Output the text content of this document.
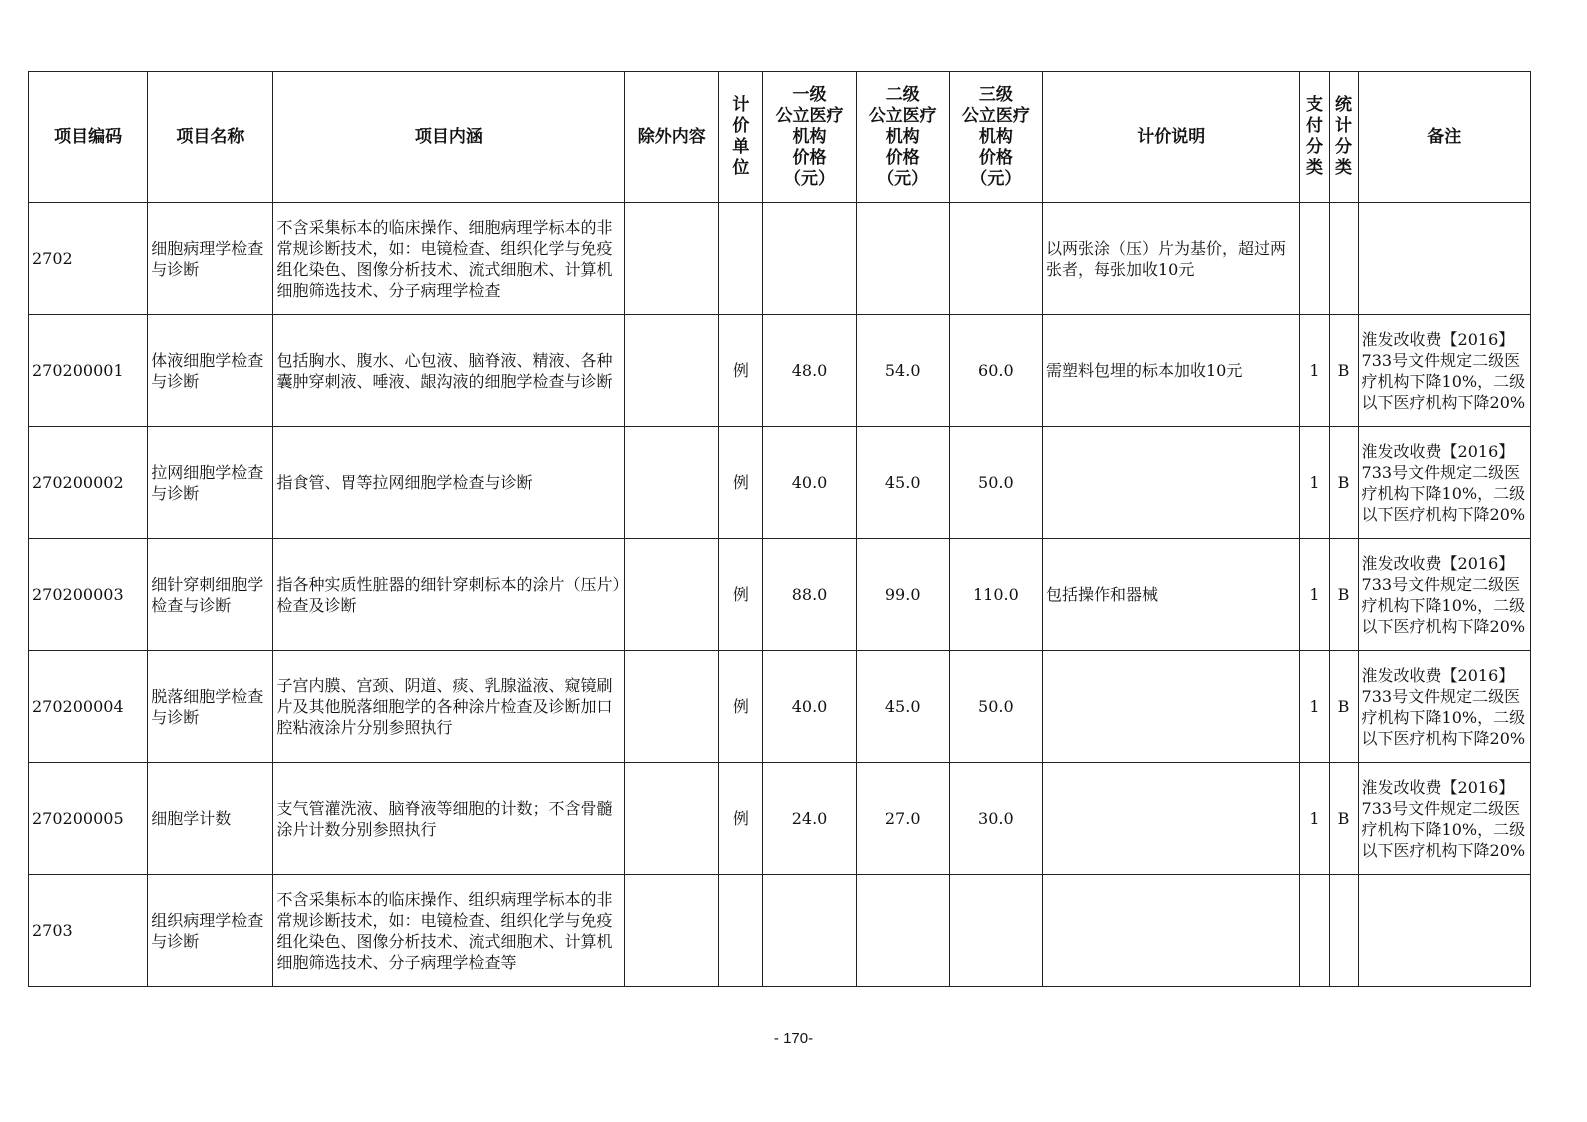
项目编码	项目名称	项目内涵	除外内容	计
价
单
位	一级
公立医疗
机构
价格
（元）	二级
公立医疗
机构
价格
（元）	三级
公立医疗
机构
价格
（元）	计价说明	支
付
分
类	统
计
分
类	备注
2702	细胞病理学检查与诊断	不含采集标本的临床操作、细胞病理学标本的非常规诊断技术，如：电镜检查、组织化学与免疫组化染色、图像分析技术、流式细胞术、计算机细胞筛选技术、分子病理学检查						以两张涂（压）片为基价，超过两张者，每张加收10元			
270200001	体液细胞学检查与诊断	包括胸水、腹水、心包液、脑脊液、精液、各种囊肿穿刺液、唾液、龈沟液的细胞学检查与诊断		例	48.0	54.0	60.0	需塑料包埋的标本加收10元	1	B	淮发改收费【2016】733号文件规定二级医疗机构下降10%，二级以下医疗机构下降20%
270200002	拉网细胞学检查与诊断	指食管、胃等拉网细胞学检查与诊断		例	40.0	45.0	50.0		1	B	淮发改收费【2016】733号文件规定二级医疗机构下降10%，二级以下医疗机构下降20%
270200003	细针穿刺细胞学检查与诊断	指各种实质性脏器的细针穿刺标本的涂片（压片）检查及诊断		例	88.0	99.0	110.0	包括操作和器械	1	B	淮发改收费【2016】733号文件规定二级医疗机构下降10%，二级以下医疗机构下降20%
270200004	脱落细胞学检查与诊断	子宫内膜、宫颈、阴道、痰、乳腺溢液、窥镜刷片及其他脱落细胞学的各种涂片检查及诊断加口腔粘液涂片分别参照执行		例	40.0	45.0	50.0		1	B	淮发改收费【2016】733号文件规定二级医疗机构下降10%，二级以下医疗机构下降20%
270200005	细胞学计数	支气管灌洗液、脑脊液等细胞的计数；不含骨髓涂片计数分别参照执行		例	24.0	27.0	30.0		1	B	淮发改收费【2016】733号文件规定二级医疗机构下降10%，二级以下医疗机构下降20%
2703	组织病理学检查与诊断	不含采集标本的临床操作、组织病理学标本的非常规诊断技术，如：电镜检查、组织化学与免疫组化染色、图像分析技术、流式细胞术、计算机细胞筛选技术、分子病理学检查等									
- 170-
